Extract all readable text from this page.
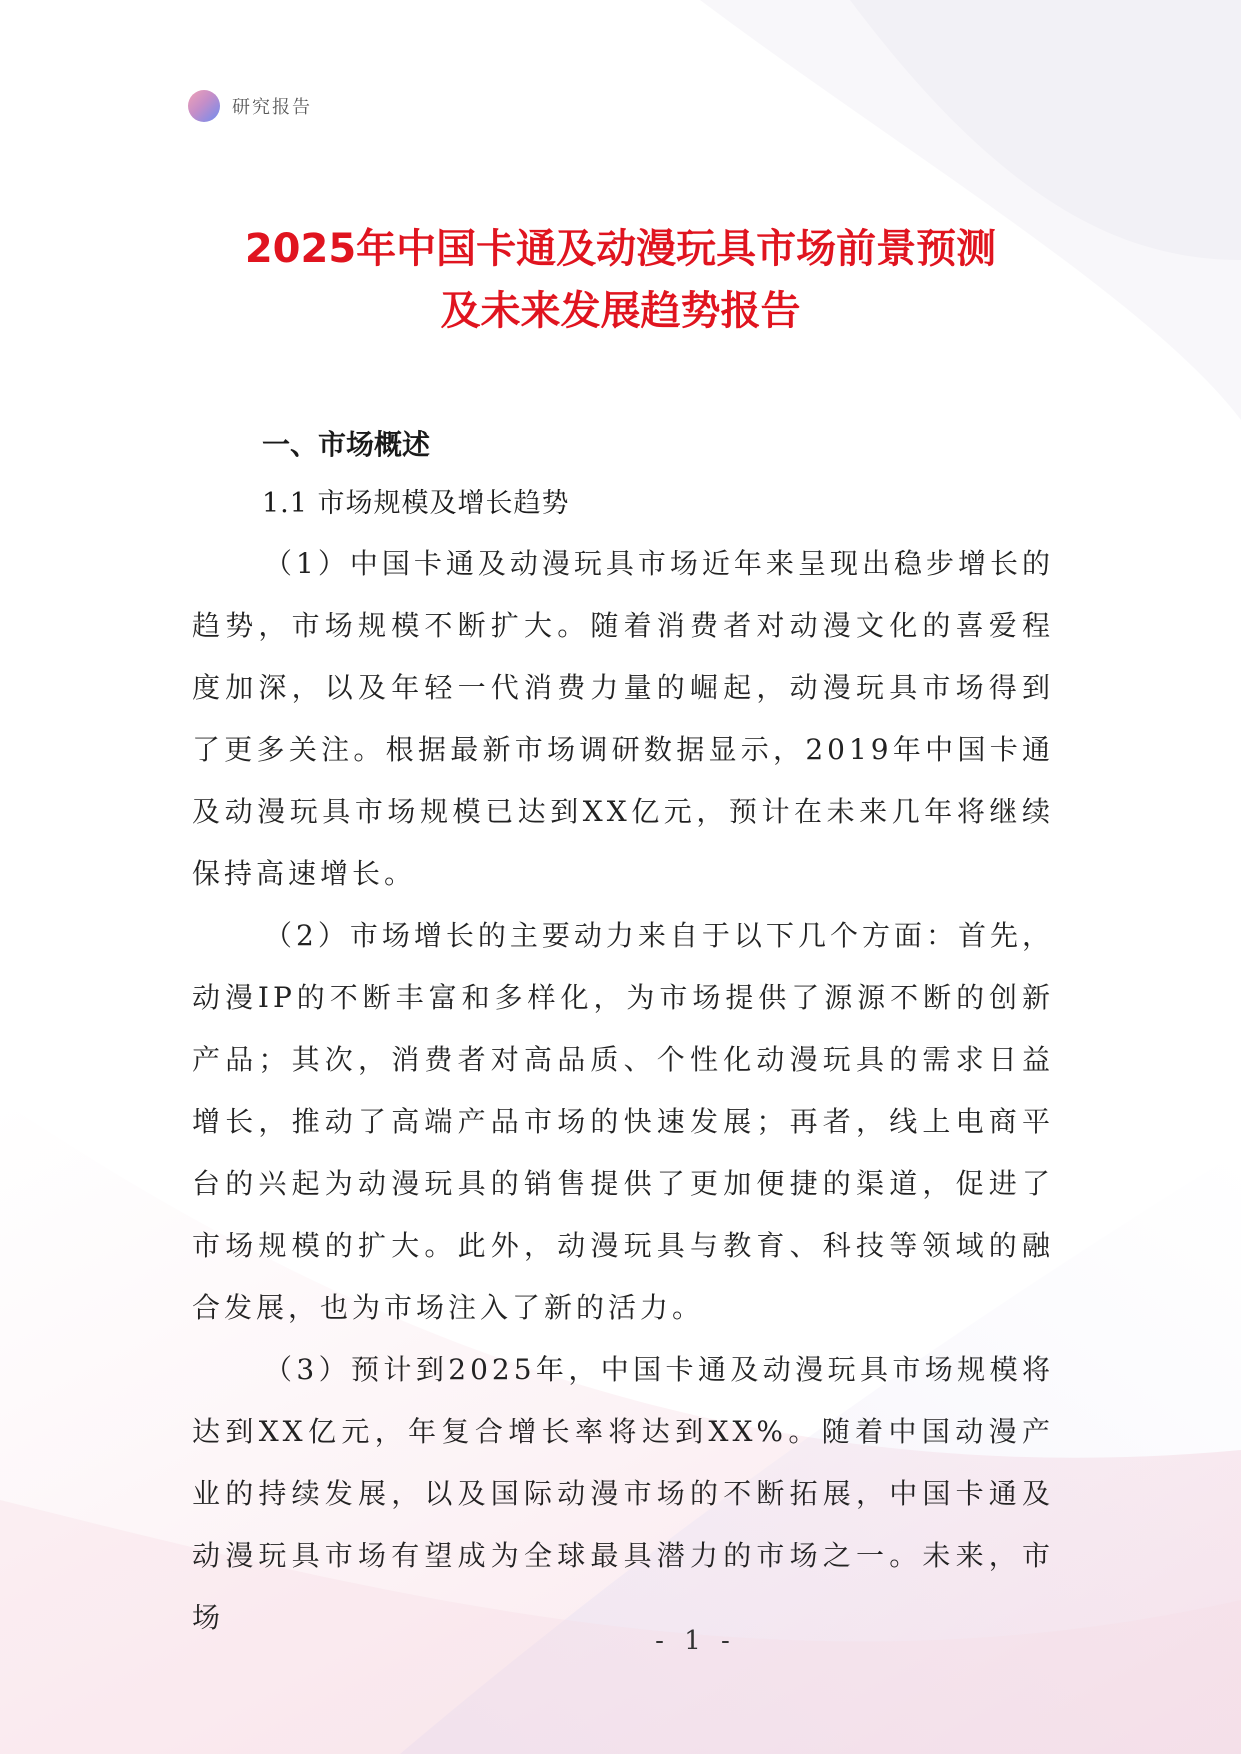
研究报告
2025年中国卡通及动漫玩具市场前景预测
及未来发展趋势报告
一、市场概述
1.1 市场规模及增长趋势

（1）中国卡通及动漫玩具市场近年来呈现出稳步增长的趋势，市场规模不断扩大。随着消费者对动漫文化的喜爱程度加深，以及年轻一代消费力量的崛起，动漫玩具市场得到了更多关注。根据最新市场调研数据显示，2019年中国卡通及动漫玩具市场规模已达到XX亿元，预计在未来几年将继续保持高速增长。

（2）市场增长的主要动力来自于以下几个方面：首先，动漫IP的不断丰富和多样化，为市场提供了源源不断的创新产品；其次，消费者对高品质、个性化动漫玩具的需求日益增长，推动了高端产品市场的快速发展；再者，线上电商平台的兴起为动漫玩具的销售提供了更加便捷的渠道，促进了市场规模的扩大。此外，动漫玩具与教育、科技等领域的融合发展，也为市场注入了新的活力。

（3）预计到2025年，中国卡通及动漫玩具市场规模将达到XX亿元，年复合增长率将达到XX%。随着中国动漫产业的持续发展，以及国际动漫市场的不断拓展，中国卡通及动漫玩具市场有望成为全球最具潜力的市场之一。未来，市场

- 1 -
